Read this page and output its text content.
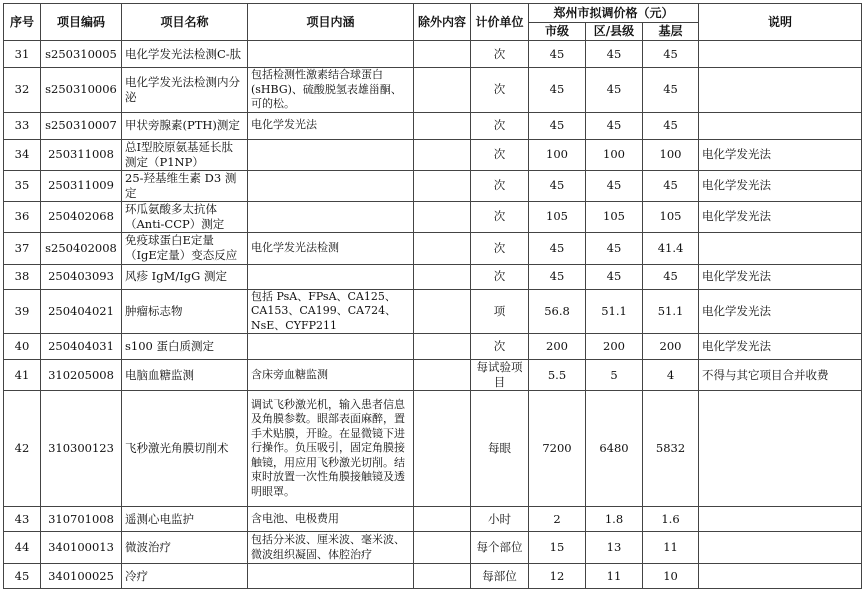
序号	项目编码	项目名称	项目内涵	除外内容	计价单位	郑州市拟调价格（元）			说明
						市级	区/县级	基层	
31	s250310005	电化学发光法检测C-肽			次	45	45	45	
32	s250310006	电化学发光法检测内分泌	包括检测性激素结合球蛋白(sHBG)、硫酸脱氢表雄甾酮、可的松。		次	45	45	45	
33	s250310007	甲状旁腺素(PTH)测定	电化学发光法		次	45	45	45	
34	250311008	总Ⅰ型胶原氨基延长肽测定（P1NP）			次	100	100	100	电化学发光法
35	250311009	25-羟基维生素 D3 测定			次	45	45	45	电化学发光法
36	250402068	环瓜氨酸多太抗体（Anti-CCP）测定			次	105	105	105	电化学发光法
37	s250402008	免疫球蛋白E定量（IgE定量）变态反应	电化学发光法检测		次	45	45	41.4	
38	250403093	风疹 IgM/IgG 测定			次	45	45	45	电化学发光法
39	250404021	肿瘤标志物	包括 PsA、FPsA、CA125、CA153、CA199、CA724、NsE、CYFP211		项	56.8	51.1	51.1	电化学发光法
40	250404031	s100 蛋白质测定			次	200	200	200	电化学发光法
41	310205008	电脑血糖监测	含床旁血糖监测		每试验项目	5.5	5	4	不得与其它项目合并收费
42	310300123	飞秒激光角膜切削术	调试飞秒激光机，输入患者信息及角膜参数。眼部表面麻醉，置手术贴膜，开睑。在显微镜下进行操作。负压吸引，固定角膜接触镜，用应用飞秒激光切削。结束时放置一次性角膜接触镜及透明眼罩。		每眼	7200	6480	5832	
43	310701008	遥测心电监护	含电池、电极费用		小时	2	1.8	1.6	
44	340100013	微波治疗	包括分米波、厘米波、毫米波、微波组织凝固、体腔治疗		每个部位	15	13	11	
45	340100025	冷疗			每部位	12	11	10	
